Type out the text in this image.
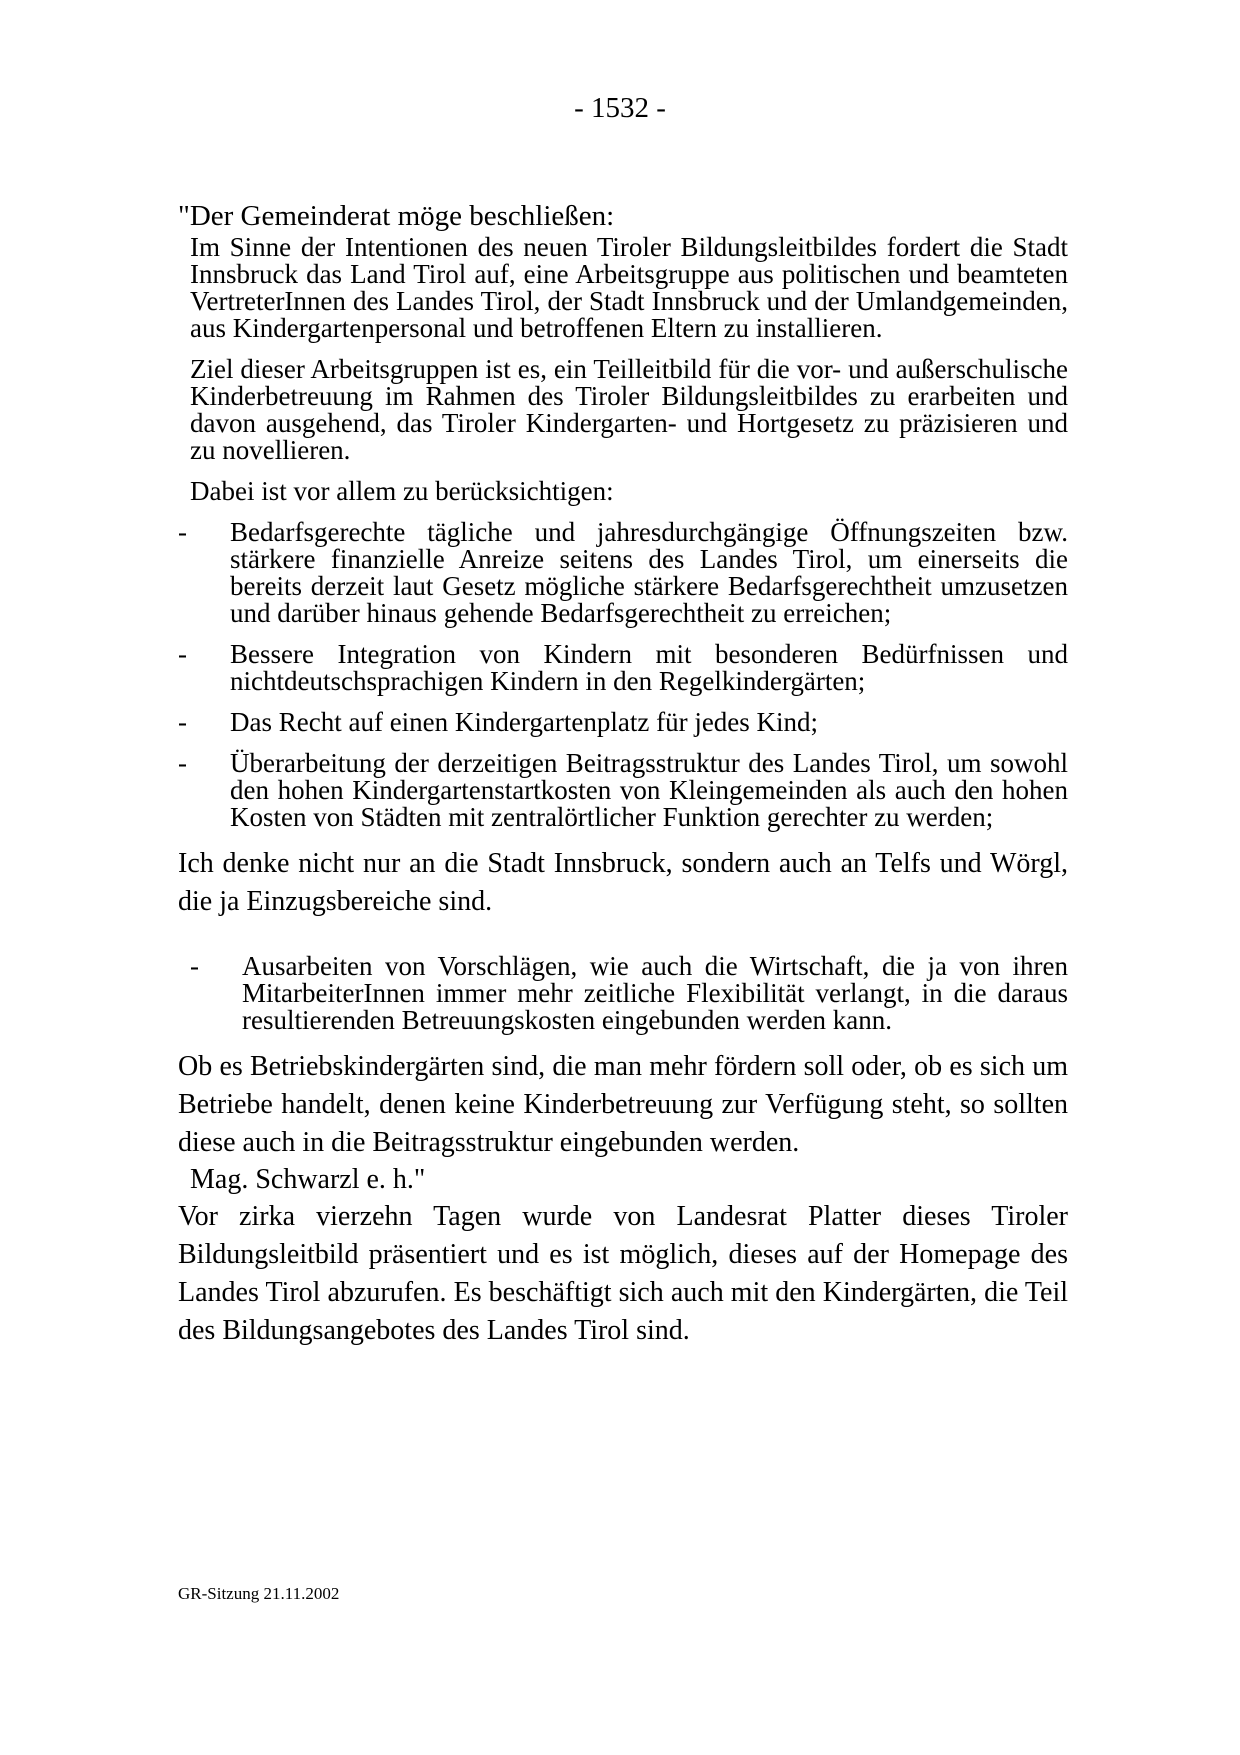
- 1532 -

"Der Gemeinderat möge beschließen:

Im Sinne der Intentionen des neuen Tiroler Bildungsleitbildes fordert die Stadt Innsbruck das Land Tirol auf, eine Arbeitsgruppe aus politischen und beamteten VertreterInnen des Landes Tirol, der Stadt Innsbruck und der Umlandgemeinden, aus Kindergartenpersonal und betroffenen Eltern zu installieren.

Ziel dieser Arbeitsgruppen ist es, ein Teilleitbild für die vor- und außerschulische Kinderbetreuung im Rahmen des Tiroler Bildungsleitbildes zu erarbeiten und davon ausgehend, das Tiroler Kindergarten- und Hortgesetz zu präzisieren und zu novellieren.

Dabei ist vor allem zu berücksichtigen:

- Bedarfsgerechte tägliche und jahresdurchgängige Öffnungszeiten bzw. stärkere finanzielle Anreize seitens des Landes Tirol, um einerseits die bereits derzeit laut Gesetz mögliche stärkere Bedarfsgerechtheit umzusetzen und darüber hinaus gehende Bedarfsgerechtheit zu erreichen;
- Bessere Integration von Kindern mit besonderen Bedürfnissen und nichtdeutschsprachigen Kindern in den Regelkindergärten;
- Das Recht auf einen Kindergartenplatz für jedes Kind;
- Überarbeitung der derzeitigen Beitragsstruktur des Landes Tirol, um sowohl den hohen Kindergartenstartkosten von Kleingemeinden als auch den hohen Kosten von Städten mit zentralörtlicher Funktion gerechter zu werden;

Ich denke nicht nur an die Stadt Innsbruck, sondern auch an Telfs und Wörgl, die ja Einzugsbereiche sind.

- Ausarbeiten von Vorschlägen, wie auch die Wirtschaft, die ja von ihren MitarbeiterInnen immer mehr zeitliche Flexibilität verlangt, in die daraus resultierenden Betreuungskosten eingebunden werden kann.

Ob es Betriebskindergärten sind, die man mehr fördern soll oder, ob es sich um Betriebe handelt, denen keine Kinderbetreuung zur Verfügung steht, so sollten diese auch in die Beitragsstruktur eingebunden werden.

Mag. Schwarzl e. h."

Vor zirka vierzehn Tagen wurde von Landesrat Platter dieses Tiroler Bildungsleitbild präsentiert und es ist möglich, dieses auf der Homepage des Landes Tirol abzurufen. Es beschäftigt sich auch mit den Kindergärten, die Teil des Bildungsangebotes des Landes Tirol sind.

GR-Sitzung 21.11.2002
